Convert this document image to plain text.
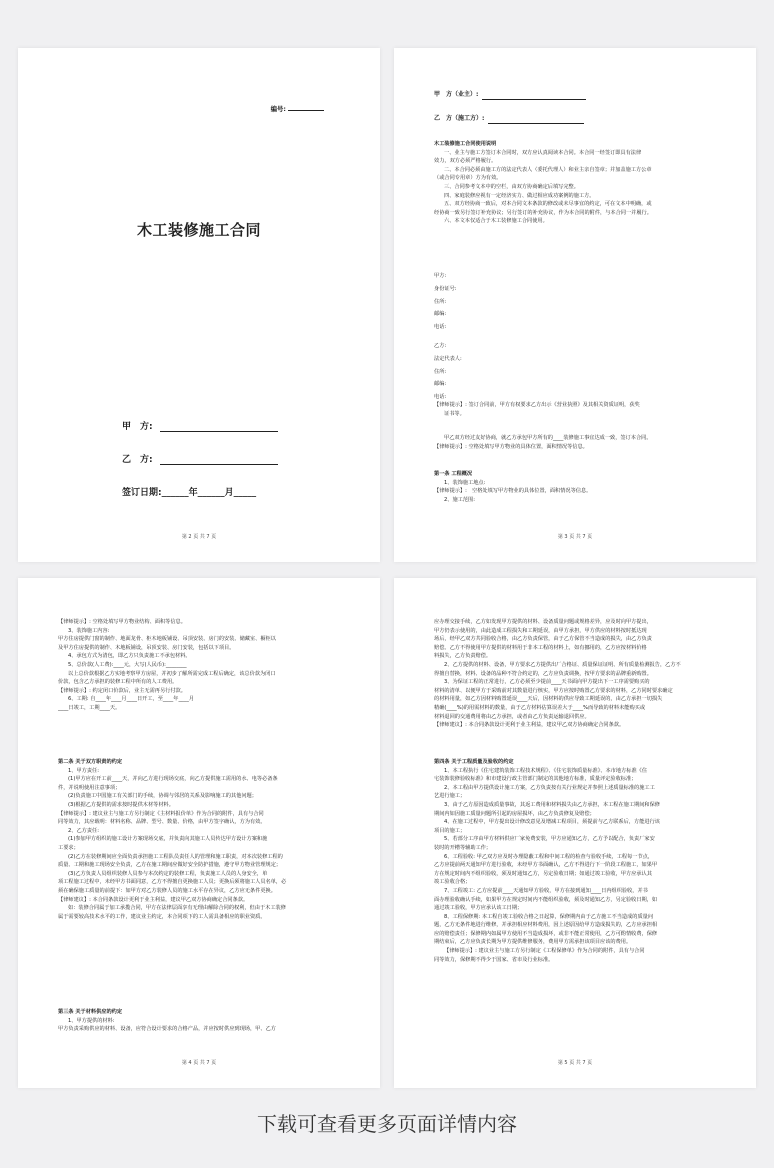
编号:
木工装修施工合同
甲　方:
乙　方:
签订日期:______年______月_____
第 2 页 共 7 页
甲　方（业主）:
乙　方（施工方）:
木工装修施工合同使用说明
一、业主与施工方签订本合同时，双方应认真阅读本合同。本合同一经签订即具有法律
效力，双方必须严格履行。
二、本合同必须由施工方的法定代表人（委托代理人）和业主亲自签章；并加盖施工方公章
（或合同专用章）方为有效。
三、合同参考文本中的空栏，由双方协商确定后填写完整。
四、家庭装修应视有一定经济实力、做过相应成功案例的施工方。
五、双方经协商一致后，对本合同文本条款的修改或未尽事宜的约定，可在文本中明确，或
经协商一致另行签订补充协议；另行签订的补充协议，作为本合同的附件，与本合同一并履行。
六、本文本仅适合于木工装修施工合同使用。
甲方:
身份证号:
住所:
邮编:
电话:
乙方:
法定代表人:
住所:
邮编:
电话:
【律师提示】: 签订合同前，甲方有权要求乙方出示《营业执照》及其相关资质证明，获奖
证书等。
甲乙双方经过友好协商，就乙方承包甲方所有的____装修施工事宜达成一致，签订本合同。
【律师提示】: 空格处填写甲方物业的具体位置，面积情况等信息。
第一条 工程概况
1、装饰施工地点:
【律师提示】:　空格处填写甲方物业的具体位置，面积情况等信息。
2、施工范围:
第 3 页 共 7 页
【律师提示】: 空格处填写甲方物业结构、面积等信息。
3、装饰施工内容:
甲方住房提供门窗的制作、地面龙骨、柜木地板铺设、吊顶安装、房门的安装、储藏室、橱柜以
及甲方住房提供的制作、木地板铺设，吊顶安装、房门安装，包括以下项目。
4、承包方式为清包，即乙方只负责施工不承包材料。
5、总价款(人工费):____元，大写(人民币):________
以上总价款根据乙方实地考察甲方房屋，并初步了解所需完成工程后确定，该总价款为闭口
价款，包含乙方承担的装修工程中所有的人工费用。
【律师提示】: 约定闭口价款后，业主无需再另行付款。
6、工期: 自____年____月____日开工，至____年____月
____日竣工，工期____天。
第二条 关于双方职责的约定
1、甲方责任:
(1)甲方应在开工前____天，并向乙方进行现场交底，向乙方提供施工需用的水、电等必备条
件，并说明使用注意事项；
(2)负责施工中国施工有关部门的手续，协调与邻居的关系及影响施工的其他问题；
(3)根据乙方提供的需求按时提供木材等材料。
【律师提示】: 建议业主与施工方另行制定《主材料报价单》作为合同的附件，具有与合同
同等效力，其应载明：材料名称、品牌、型号、数量、价格，由甲方签字确认，方为有效。
2、乙方责任:
(1)参加甲方组织的施工设计方案现场交底，并负责向其施工人员传达甲方设计方案和施
工要求；
(2)乙方在装修期间应全面负责承担施工工程队员责任人的管理和施工职责，对本次装修工程的
质量、工期和施工现场安全负责，乙方在施工期间应做好安全防护措施，遵守甲方物业管理规定；
(3)乙方负责人员组织装修人员参与本次约定的装修工程，负责施工人员的人身安全，单
项工程施工过程中，未经甲方书面同意，乙方不得擅自更换施工人员；更换后须将施工人员名单，必
须在确保施工质量的前提下：如甲方对乙方装修人员的施工水平存在异议，乙方应无条件更换。
【律师建议】: 本合同条款设计更利于业主利益，建议甲乙双方协商确定合同条款。
如：装修合同属于加工承揽合同，甲方在法律层面享有无理由解除合同的权利，但由于木工装修
属于需要较高技术水平的工作，建议业主约定，本合同项下的工人需具备相应的职业资质。
第三条 关于材料供应的约定
1、甲方提供的材料:
甲方负责采购供应的材料、设备，应符合设计要求的合格产品，并应按时供应到现场，甲、乙方
第 4 页 共 7 页
应办理交接手续，乙方如发现甲方提供的材料、设备质量问题或规格差异，应及时向甲方提出，
甲方仍表示使用的，由此造成工程损失和工期延误，由甲方承担，甲方供应的材料按时抵达现
场后，经甲乙双方共同验收合格，由乙方负责保管，由于乙方保管不当造成的损失，由乙方负责
赔偿。乙方不得使用甲方提供的材料用于非本工程的材料上，如有挪用的，乙方应按材料价格
料损失，乙方负责赔偿。
2、乙方提供的材料、设备，甲方要求乙方提供出厂合格证、质量保证证明、所有质量检测报告，乙方不
得擅自替换，材料、设备的品种不符合约定的，乙方应负责调换，按甲方要求的品牌重新购置。
3、为保证工程的正常进行，乙方必须至少提前____天书面向甲方提出下一工序需要购买的
材料的清单、以便甲方于采购前对其数量进行核实，甲方应按时购置乙方要求的材料，乙方同时要求确定
的材料用量，如乙方因材料购置延误____天后，因材料的供应导致工期延误的，由乙方承担一切损失
精确(____%)的用需材料的数量，由于乙方材料估算误差大于____%而导致的材料未能购买或
材料退回的交通费用将由乙方承担，或者由乙方负责运输退回供应。
【律师建议】: 本合同条款设计更利于业主利益，建议甲乙双方协商确定合同条款。
第四条 关于工程质量及验收的约定
1、本工程执行《住宅建筑装饰工程技术规程》、《住宅装饰质量标准》、本市地方标准《住
宅装饰装修验收标准》和市建设行政主管部门制定的其他地方标准，质量评定验收标准；
2、本工程由甲方提供设计施工方案，乙方负责按有关行业规定并参照上述质量标准的施工工
艺进行施工；
3、由于乙方原因造成质量事故，其返工费用和材料损失由乙方承担，本工程在施工期间和保修
期间内如因施工质量问题所引起的房屋损坏，由乙方负责修复及赔偿；
4、在施工过程中，甲方提出设计修改意见及增减工程项目，须提前与乙方联系后，方能进行该
项目的施工；
5、若部分工序由甲方材料供应厂家免费安装，甲方应通知乙方，乙方予以配合，负责厂家安
装时的开槽等辅助工作；
6、工程验收: 甲乙双方应及时办理隐蔽工程和中间工程的检查与验收手续，工程每一节点，
乙方应提前两天通知甲方进行验收，未经甲方书面确认，乙方不得进行下一阶段工程施工，如果甲
方在规定时间内不组织验收，须及时通知乙方，另定验收日期；如通过竣工验收，甲方应承认其
竣工验收合格；
7、工程竣工: 乙方应提前____天通知甲方验收，甲方在接到通知____日内组织验收，并书
面办理验收确认手续，如果甲方在规定时间内不能组织验收，须及时通知乙方，另定验收日期，如
通过竣工验收，甲方应承认该工日期；
8、工程保修期: 本工程自竣工验收合格之日起算，保修期内由于乙方施工不当造成的质量问
题，乙方无条件地进行维修，并承担相应材料费用，因上述原因给甲方造成损失的，乙方应承担相
应的赔偿责任；保修期内如属甲方使用不当造成损坏，或非不能正常使用，乙方可酌情收费，保修
期结束后，乙方应负责长期为甲方提供维修服务，费用甲方需承担该项目应该的费用。
【律师提示】: 建议业主与施工方另行制定《工程保修单》作为合同的附件，具有与合同
同等效力，保修期不得少于国家、省市及行业标准。
第 5 页 共 7 页
下载可查看更多页面详情内容
